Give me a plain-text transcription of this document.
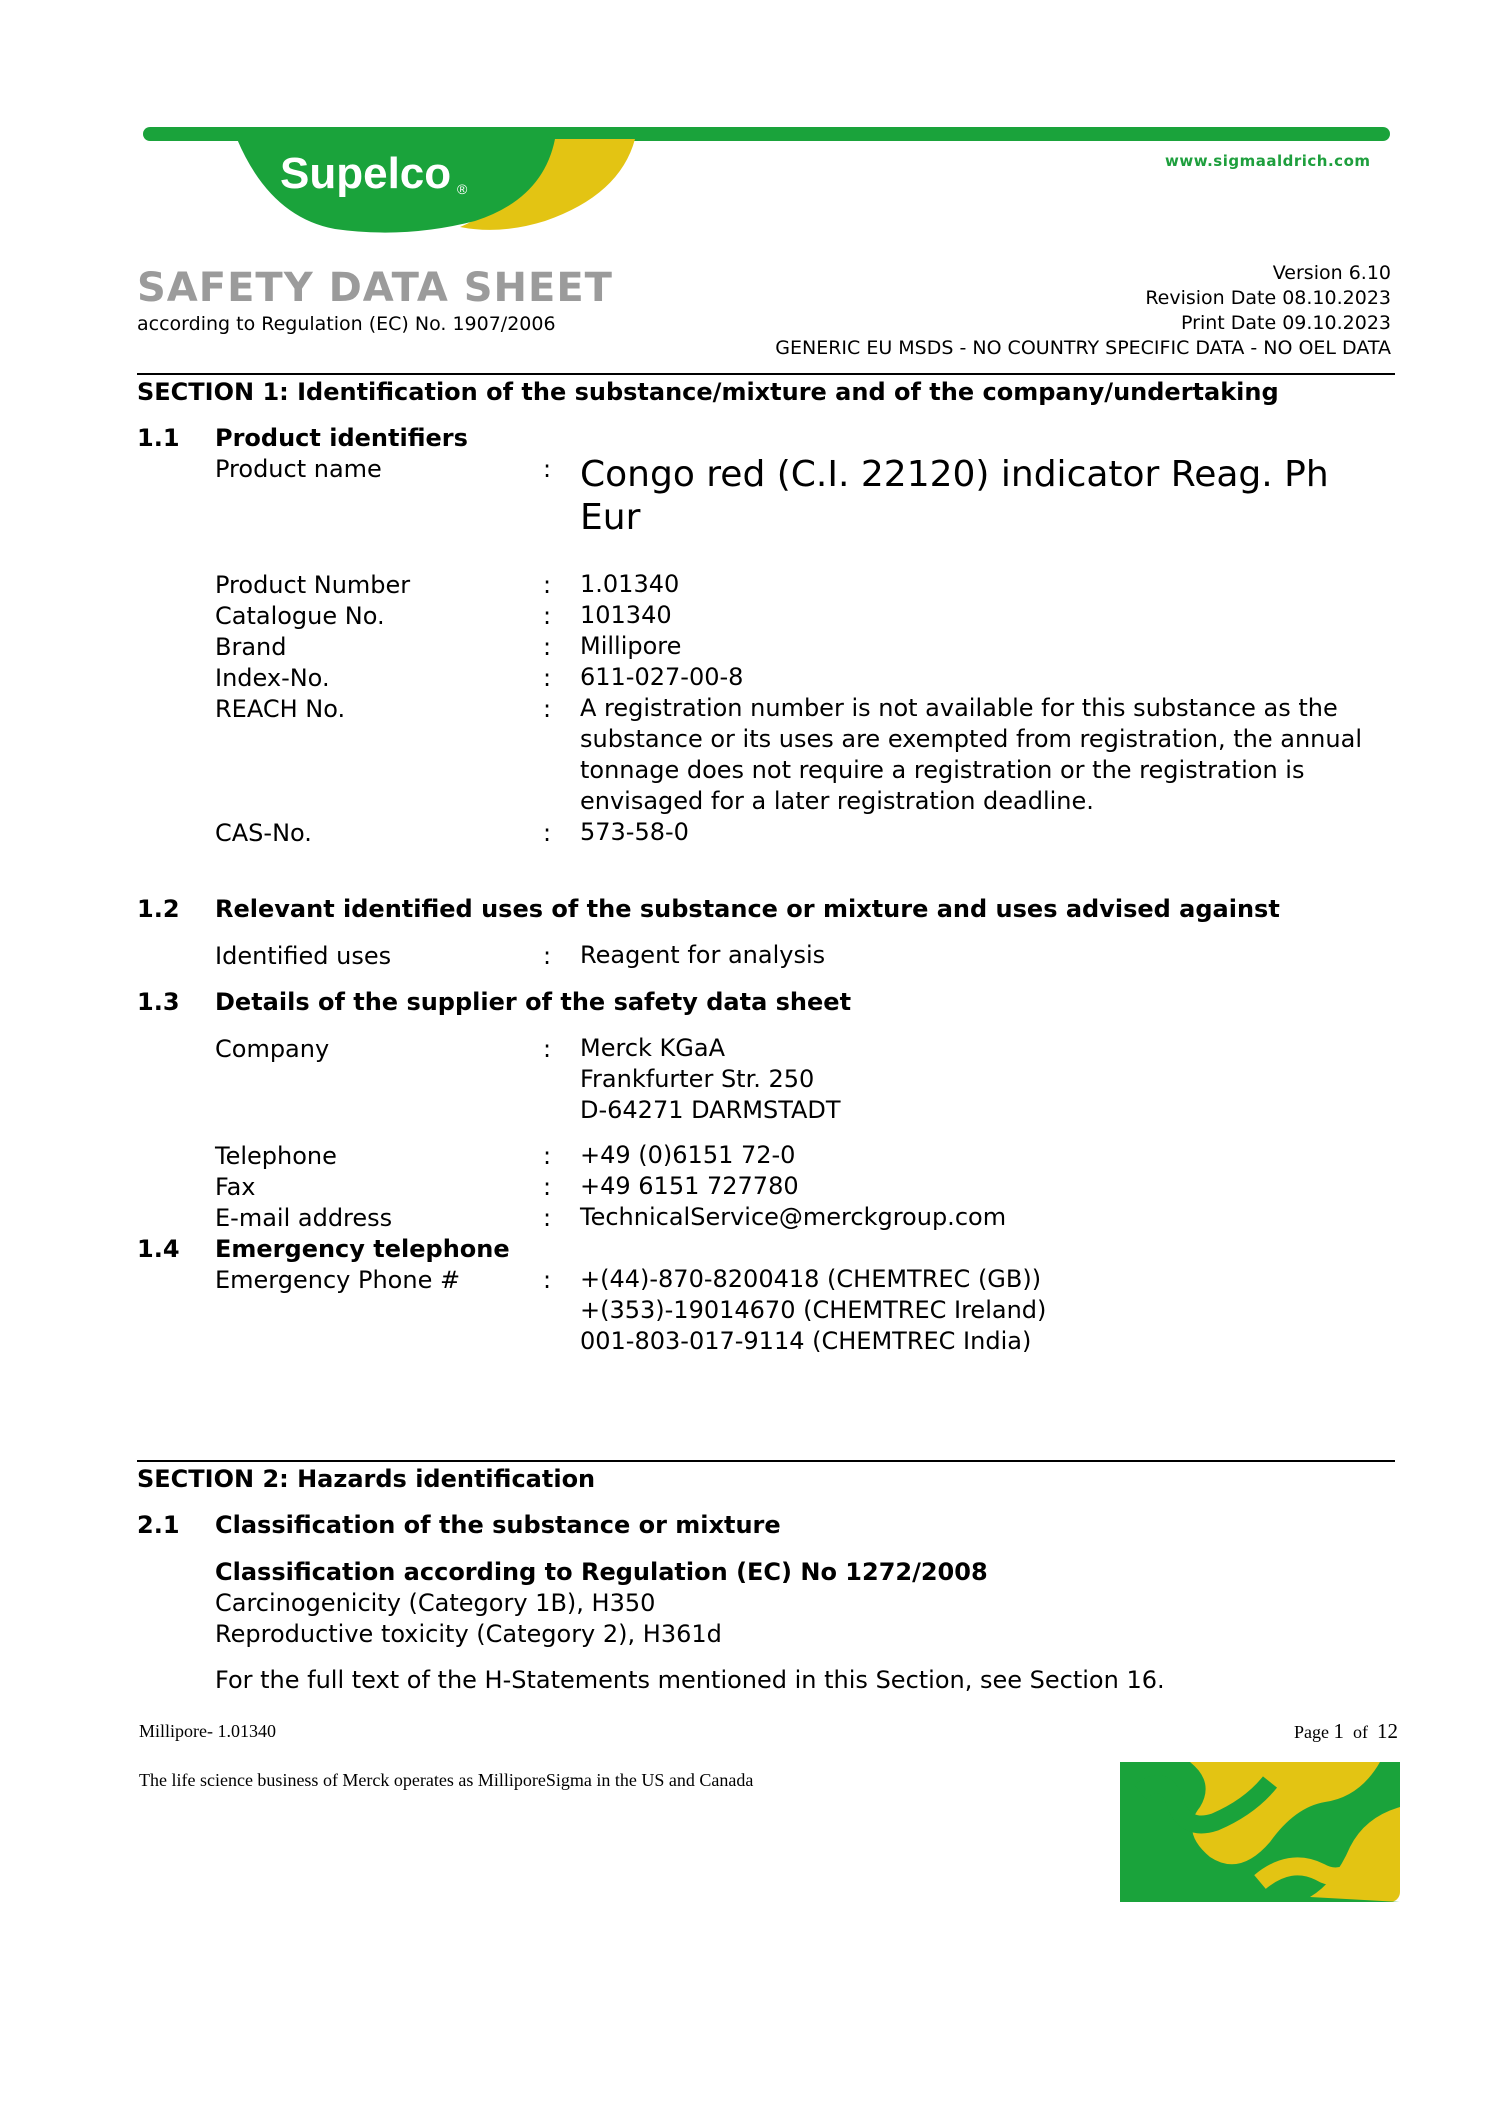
Supelco ®
www.sigmaaldrich.com
SAFETY DATA SHEET
according to Regulation (EC) No. 1907/2006
Version 6.10
Revision Date 08.10.2023
Print Date 09.10.2023
GENERIC EU MSDS - NO COUNTRY SPECIFIC DATA - NO OEL DATA
SECTION 1: Identification of the substance/mixture and of the company/undertaking
1.1 Product identifiers
Product name	: Congo red (C.I. 22120) indicator Reag. Ph Eur
Product Number	: 1.01340
Catalogue No.	: 101340
Brand	: Millipore
Index-No.	: 611-027-00-8
REACH No.	: A registration number is not available for this substance as the substance or its uses are exempted from registration, the annual tonnage does not require a registration or the registration is envisaged for a later registration deadline.
CAS-No.	: 573-58-0
1.2 Relevant identified uses of the substance or mixture and uses advised against
Identified uses	: Reagent for analysis
1.3 Details of the supplier of the safety data sheet
Company	: Merck KGaA
Frankfurter Str. 250
D-64271 DARMSTADT
Telephone	: +49 (0)6151 72-0
Fax	: +49 6151 727780
E-mail address	: TechnicalService@merckgroup.com
1.4 Emergency telephone
Emergency Phone #	: +(44)-870-8200418 (CHEMTREC (GB))
+(353)-19014670 (CHEMTREC Ireland)
001-803-017-9114 (CHEMTREC India)
SECTION 2: Hazards identification
2.1 Classification of the substance or mixture
Classification according to Regulation (EC) No 1272/2008
Carcinogenicity (Category 1B), H350
Reproductive toxicity (Category 2), H361d
For the full text of the H-Statements mentioned in this Section, see Section 16.
Millipore- 1.01340	Page 1 of 12
The life science business of Merck operates as MilliporeSigma in the US and Canada
